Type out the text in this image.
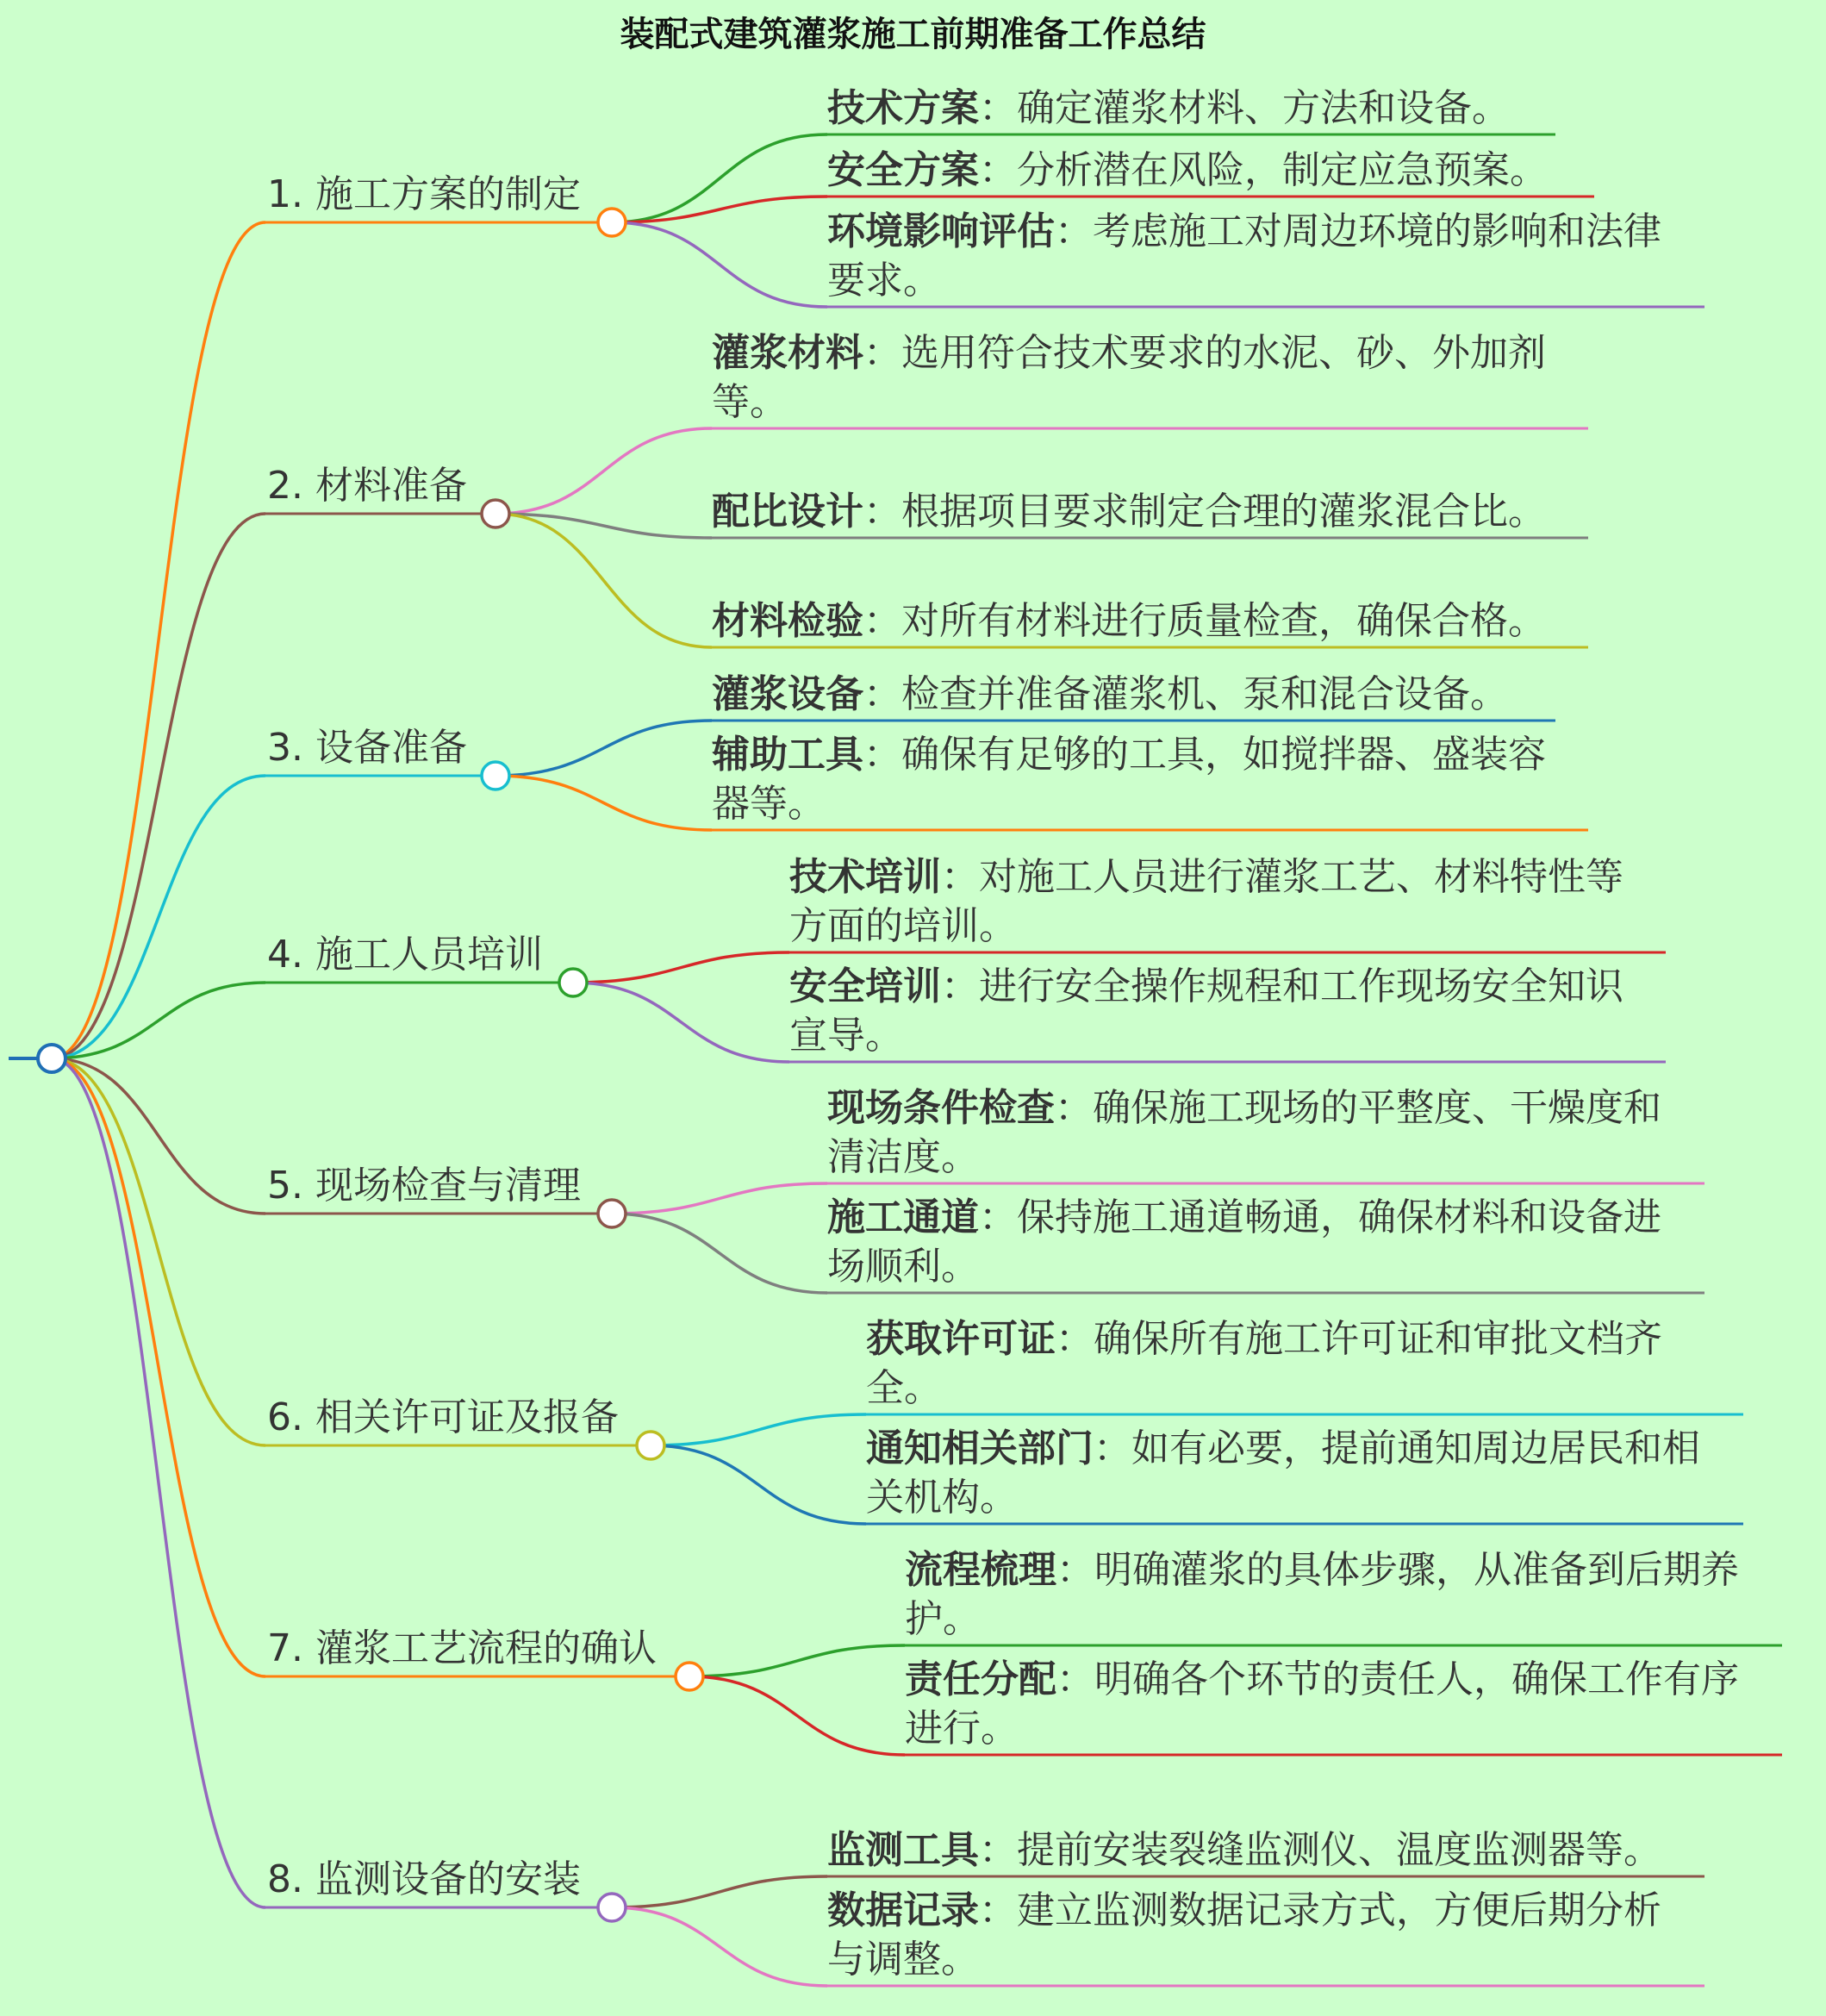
装配式建筑灌浆施工前期准备工作总结
1. 施工方案的制定
技术方案：确定灌浆材料、方法和设备。
安全方案：分析潜在风险，制定应急预案。
环境影响评估：考虑施工对周边环境的影响和法律要求。
2. 材料准备
灌浆材料：选用符合技术要求的水泥、砂、外加剂等。
配比设计：根据项目要求制定合理的灌浆混合比。
材料检验：对所有材料进行质量检查，确保合格。
3. 设备准备
灌浆设备：检查并准备灌浆机、泵和混合设备。
辅助工具：确保有足够的工具，如搅拌器、盛装容器等。
4. 施工人员培训
技术培训：对施工人员进行灌浆工艺、材料特性等方面的培训。
安全培训：进行安全操作规程和工作现场安全知识宣导。
5. 现场检查与清理
现场条件检查：确保施工现场的平整度、干燥度和清洁度。
施工通道：保持施工通道畅通，确保材料和设备进场顺利。
6. 相关许可证及报备
获取许可证：确保所有施工许可证和审批文档齐全。
通知相关部门：如有必要，提前通知周边居民和相关机构。
7. 灌浆工艺流程的确认
流程梳理：明确灌浆的具体步骤，从准备到后期养护。
责任分配：明确各个环节的责任人，确保工作有序进行。
8. 监测设备的安装
监测工具：提前安装裂缝监测仪、温度监测器等。
数据记录：建立监测数据记录方式，方便后期分析与调整。
